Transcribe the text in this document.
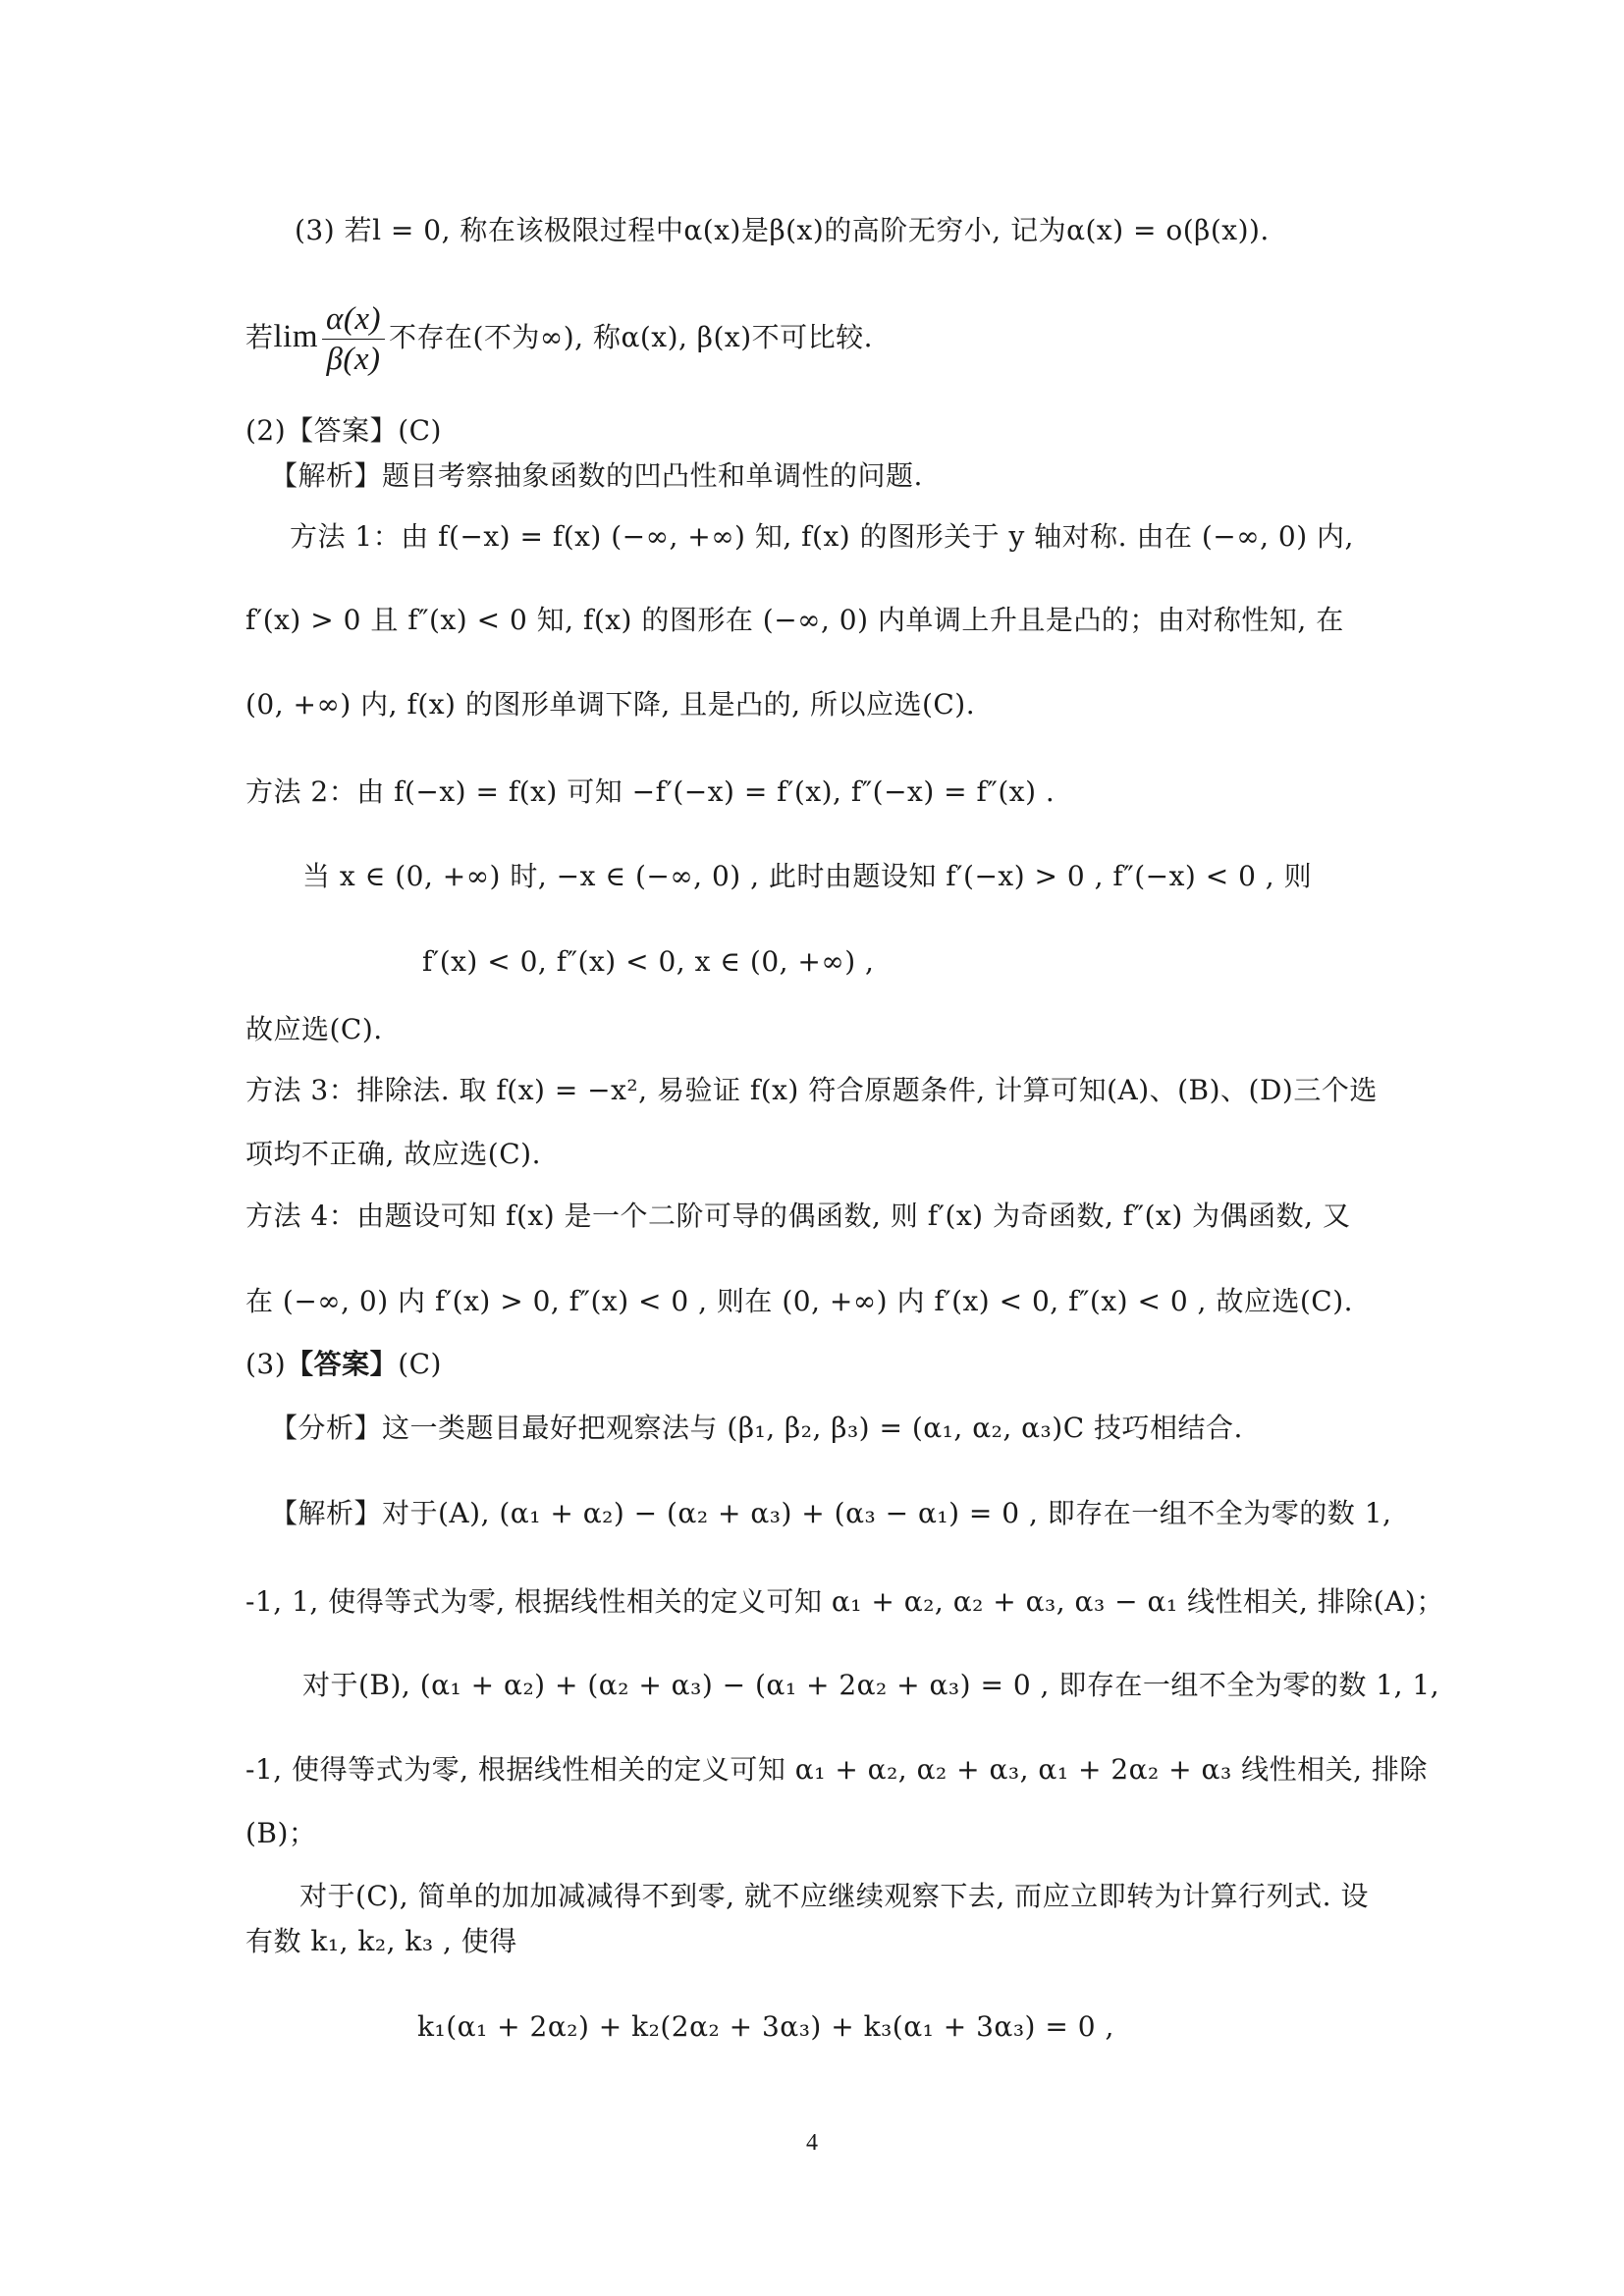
(3) 若l = 0, 称在该极限过程中α(x)是β(x)的高阶无穷小, 记为α(x) = o(β(x)).
若$\lim \frac{\alpha(x)}{\beta(x)}$ 不存在(不为∞), 称α(x), β(x)不可比较.
(2)【答案】(C)
【解析】题目考察抽象函数的凹凸性和单调性的问题.
方法 1：由 f(−x) = f(x) (−∞, +∞) 知, f(x) 的图形关于 y 轴对称. 由在 (−∞, 0) 内,
f′(x) > 0 且 f″(x) < 0 知, f(x) 的图形在 (−∞, 0) 内单调上升且是凸的；由对称性知, 在
(0, +∞) 内, f(x) 的图形单调下降, 且是凸的, 所以应选(C).
方法 2：由 f(−x) = f(x) 可知 −f′(−x) = f′(x), f″(−x) = f″(x) .
当 x ∈ (0, +∞) 时, −x ∈ (−∞, 0) , 此时由题设知 f′(−x) > 0 , f″(−x) < 0 , 则
f′(x) < 0, f″(x) < 0, x ∈ (0, +∞) ,
故应选(C).
方法 3：排除法. 取 f(x) = −x², 易验证 f(x) 符合原题条件, 计算可知(A)、(B)、(D)三个选
项均不正确, 故应选(C).
方法 4：由题设可知 f(x) 是一个二阶可导的偶函数, 则 f′(x) 为奇函数, f″(x) 为偶函数, 又
在 (−∞, 0) 内 f′(x) > 0, f″(x) < 0 , 则在 (0, +∞) 内 f′(x) < 0, f″(x) < 0 , 故应选(C).
(3)【答案】(C)
【分析】这一类题目最好把观察法与 (β₁, β₂, β₃) = (α₁, α₂, α₃)C 技巧相结合.
【解析】对于(A), (α₁ + α₂) − (α₂ + α₃) + (α₃ − α₁) = 0 , 即存在一组不全为零的数 1,
-1, 1, 使得等式为零, 根据线性相关的定义可知 α₁ + α₂, α₂ + α₃, α₃ − α₁ 线性相关, 排除(A)；
对于(B), (α₁ + α₂) + (α₂ + α₃) − (α₁ + 2α₂ + α₃) = 0 , 即存在一组不全为零的数 1, 1,
-1, 使得等式为零, 根据线性相关的定义可知 α₁ + α₂, α₂ + α₃, α₁ + 2α₂ + α₃ 线性相关, 排除
(B)；
对于(C), 简单的加加减减得不到零, 就不应继续观察下去, 而应立即转为计算行列式. 设
有数 k₁, k₂, k₃ , 使得
k₁(α₁ + 2α₂) + k₂(2α₂ + 3α₃) + k₃(α₁ + 3α₃) = 0 ,
4
